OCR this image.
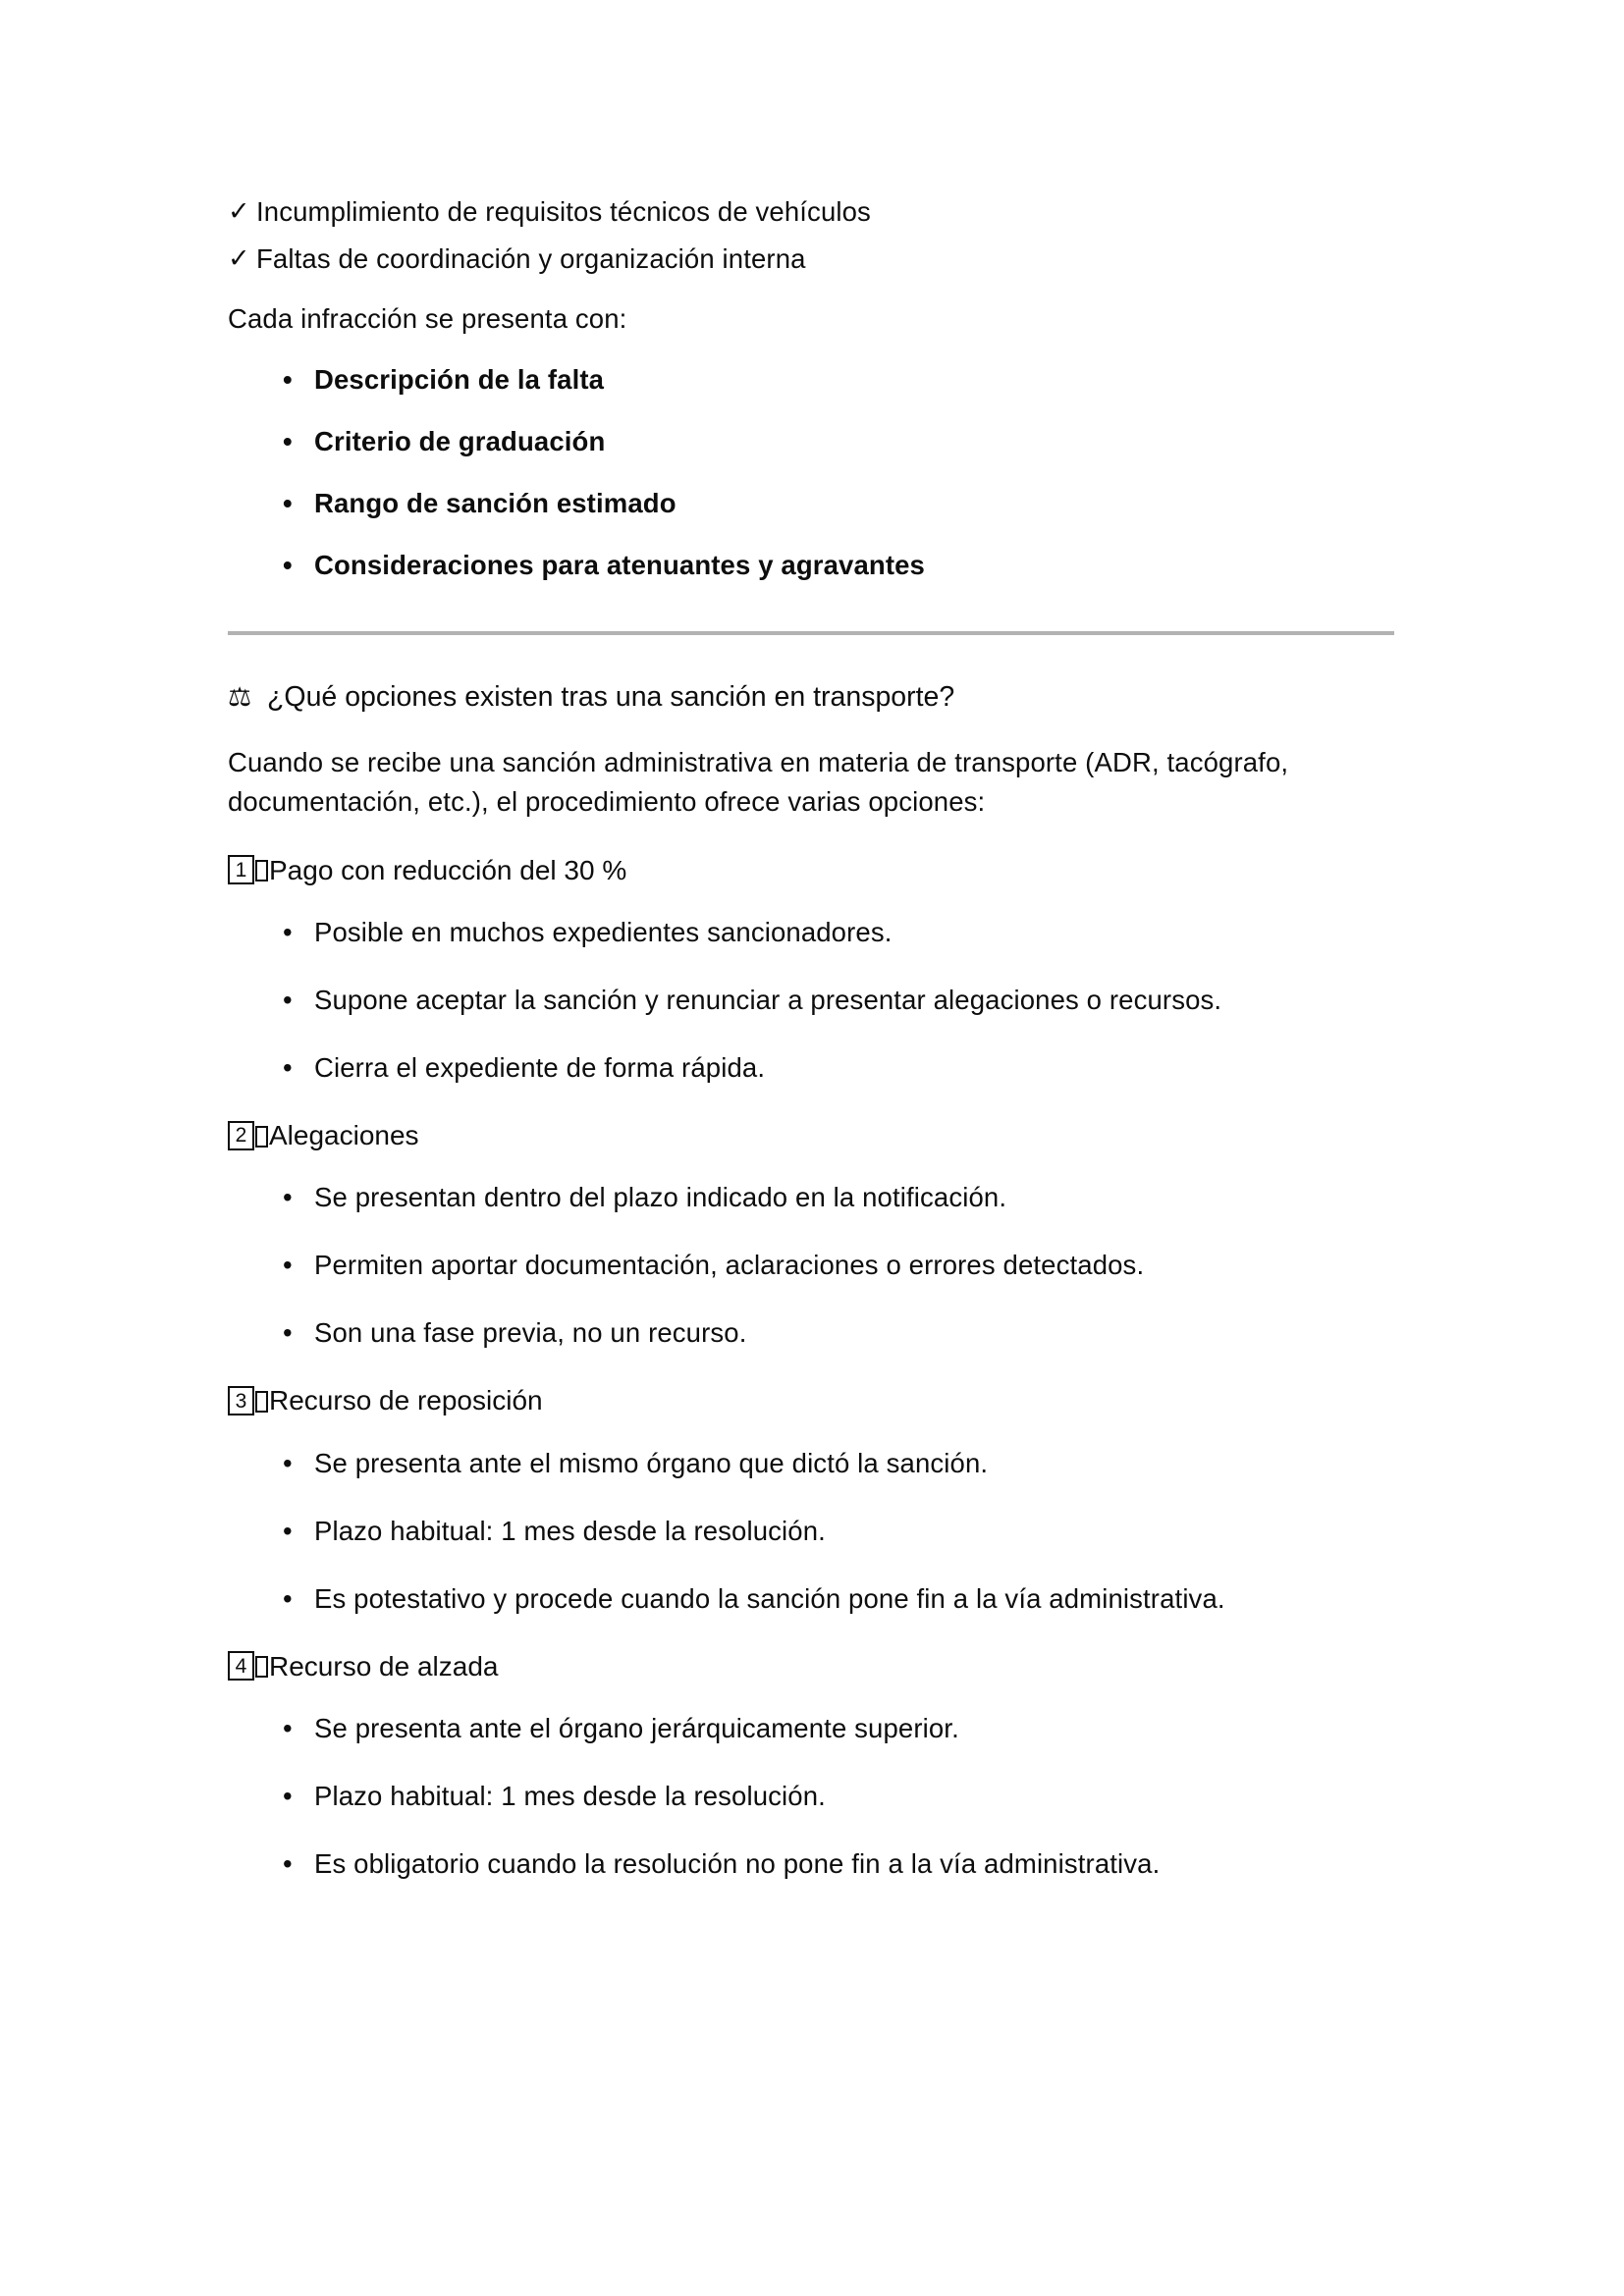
✓ Incumplimiento de requisitos técnicos de vehículos
✓ Faltas de coordinación y organización interna

Cada infracción se presenta con:

• Descripción de la falta
• Criterio de graduación
• Rango de sanción estimado
• Consideraciones para atenuantes y agravantes
⚖ ¿Qué opciones existen tras una sanción en transporte?

Cuando se recibe una sanción administrativa en materia de transporte (ADR, tacógrafo, documentación, etc.), el procedimiento ofrece varias opciones:

1 Pago con reducción del 30 %
• Posible en muchos expedientes sancionadores.
• Supone aceptar la sanción y renunciar a presentar alegaciones o recursos.
• Cierra el expediente de forma rápida.
2 Alegaciones
• Se presentan dentro del plazo indicado en la notificación.
• Permiten aportar documentación, aclaraciones o errores detectados.
• Son una fase previa, no un recurso.
3 Recurso de reposición
• Se presenta ante el mismo órgano que dictó la sanción.
• Plazo habitual: 1 mes desde la resolución.
• Es potestativo y procede cuando la sanción pone fin a la vía administrativa.
4 Recurso de alzada
• Se presenta ante el órgano jerárquicamente superior.
• Plazo habitual: 1 mes desde la resolución.
• Es obligatorio cuando la resolución no pone fin a la vía administrativa.
